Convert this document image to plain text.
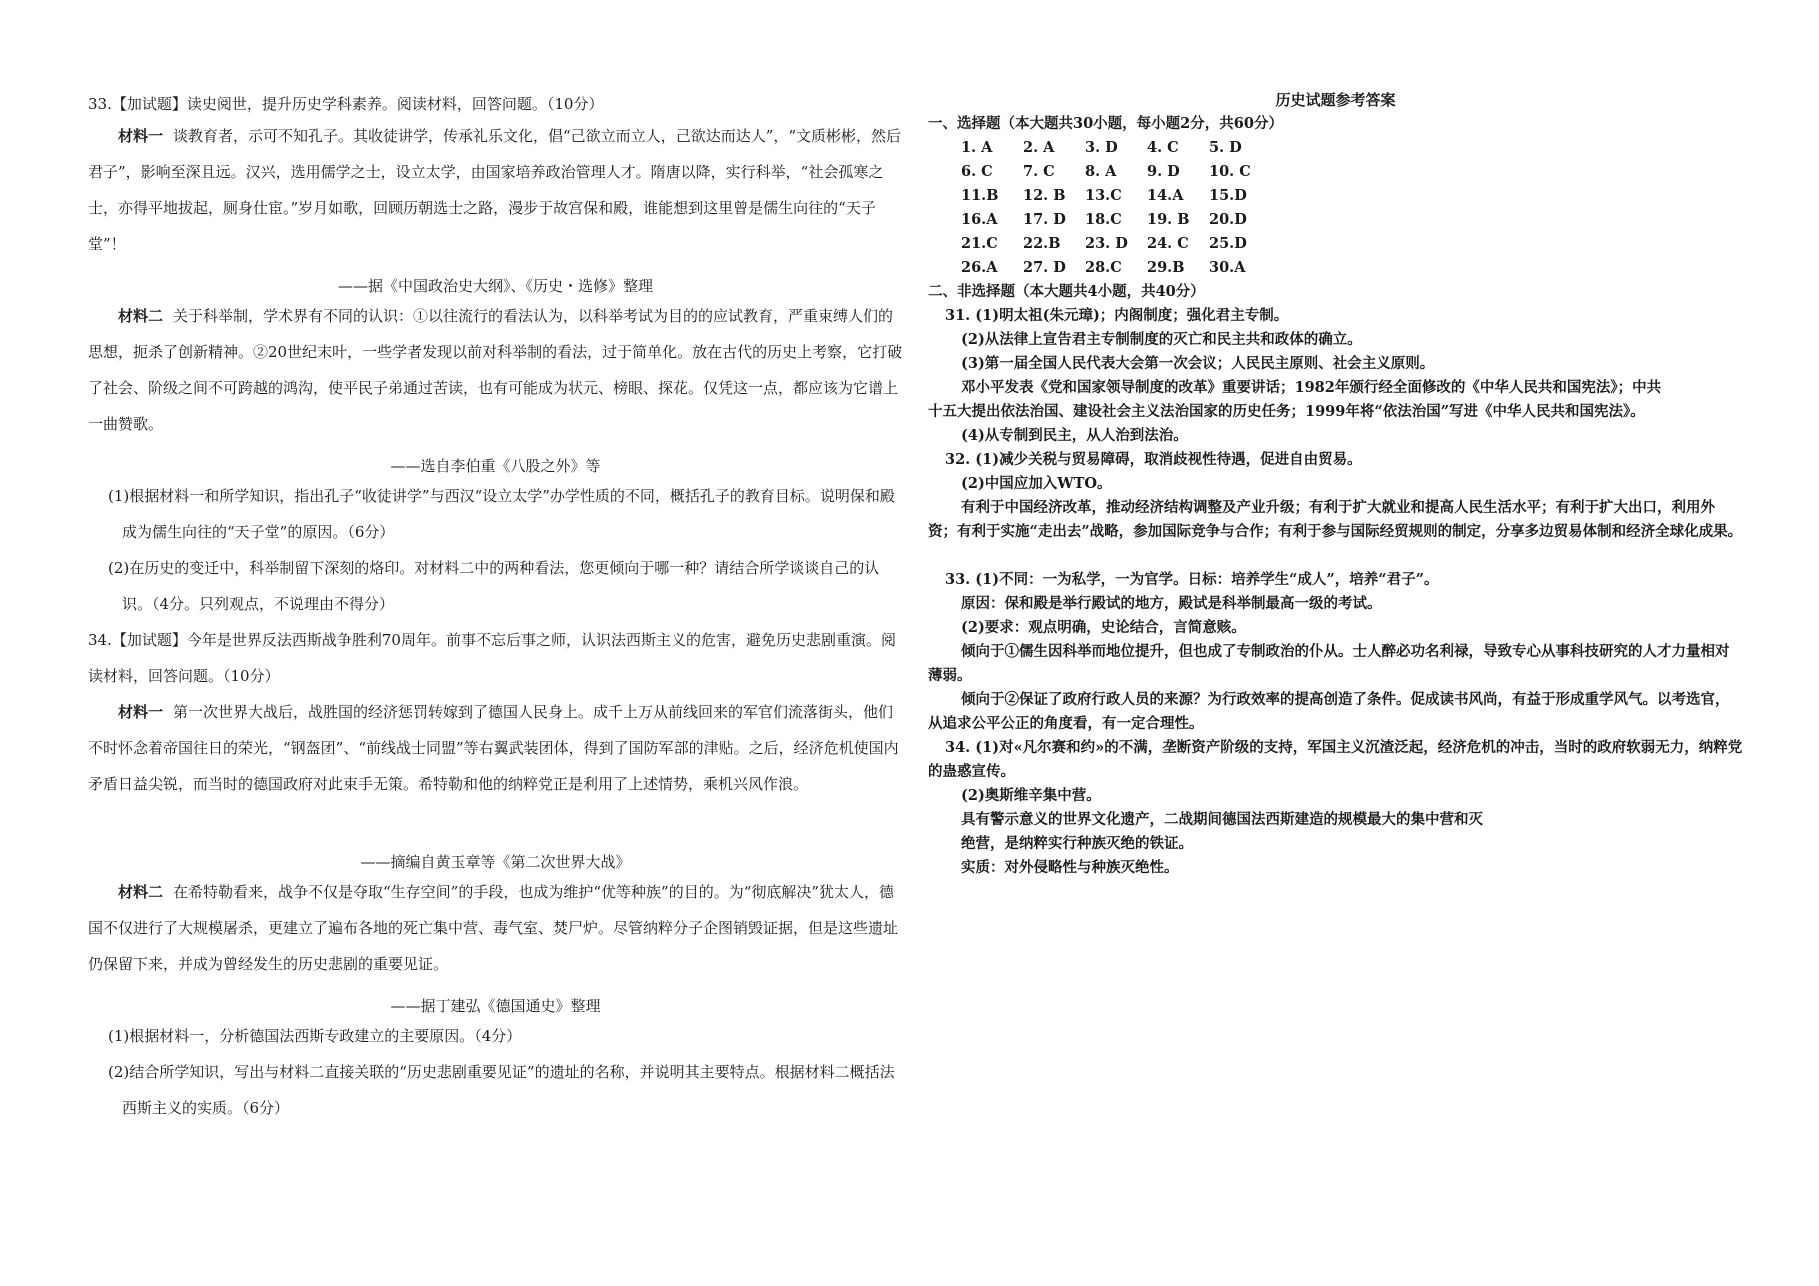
33.【加试题】读史阅世，提升历史学科素养。阅读材料，回答问题。（10分）
材料一 谈教育者，示可不知孔子。其收徒讲学，传承礼乐文化，倡“己欲立而立人，己欲达而达人”，“文质彬彬，然后君子”，影响至深且远。汉兴，选用儒学之士，设立太学，由国家培养政治管理人才。隋唐以降，实行科举，“社会孤寒之士，亦得平地拔起，厕身仕宦。”岁月如歌，回顾历朝选士之路，漫步于故宫保和殿，谁能想到这里曾是儒生向往的“天子堂”！
——据《中国政治史大纲》、《历史・选修》整理
材料二 关于科举制，学术界有不同的认识：①以往流行的看法认为，以科举考试为目的的应试教育，严重束缚人们的思想，扼杀了创新精神。②20世纪末叶，一些学者发现以前对科举制的看法，过于简单化。放在古代的历史上考察，它打破了社会、阶级之间不可跨越的鸿沟，使平民子弟通过苦读，也有可能成为状元、榜眼、探花。仅凭这一点，都应该为它谱上一曲赞歌。
——选自李伯重《八股之外》等
(1)根据材料一和所学知识，指出孔子“收徒讲学”与西汉“设立太学”办学性质的不同，概括孔子的教育目标。说明保和殿成为儒生向往的“天子堂”的原因。（6分）
(2)在历史的变迁中，科举制留下深刻的烙印。对材料二中的两种看法，您更倾向于哪一种？请结合所学谈谈自己的认识。（4分。只列观点，不说理由不得分）
34.【加试题】今年是世界反法西斯战争胜利70周年。前事不忘后事之师，认识法西斯主义的危害，避免历史悲剧重演。阅读材料，回答问题。（10分）
材料一 第一次世界大战后，战胜国的经济惩罚转嫁到了德国人民身上。成千上万从前线回来的军官们流落街头，他们不时怀念着帝国往日的荣光，“钢盔团”、“前线战士同盟”等右翼武装团体，得到了国防军部的津贴。之后，经济危机使国内矛盾日益尖锐，而当时的德国政府对此束手无策。希特勒和他的纳粹党正是利用了上述情势，乘机兴风作浪。
——摘编自黄玉章等《第二次世界大战》
材料二 在希特勒看来，战争不仅是夺取“生存空间”的手段，也成为维护“优等种族”的目的。为“彻底解决”犹太人，德国不仅进行了大规模屠杀，更建立了遍布各地的死亡集中营、毒气室、焚尸炉。尽管纳粹分子企图销毁证据，但是这些遗址仍保留下来，并成为曾经发生的历史悲剧的重要见证。
——据丁建弘《德国通史》整理
(1)根据材料一，分析德国法西斯专政建立的主要原因。（4分）
(2)结合所学知识，写出与材料二直接关联的“历史悲剧重要见证”的遗址的名称，并说明其主要特点。根据材料二概括法西斯主义的实质。（6分）
历史试题参考答案
一、选择题（本大题共30小题，每小题2分，共60分）
1. A 2. A 3. D 4. C 5. D
6. C 7. C 8. A 9. D 10. C
11.B 12. B 13.C 14.A 15.D
16.A 17. D 18.C 19. B 20.D
21.C 22.B 23. D 24. C 25.D
26.A 27. D 28.C 29.B 30.A
二、非选择题（本大题共4小题，共40分）
31. (1)明太祖(朱元璋)；内阁制度；强化君主专制。
(2)从法律上宣告君主专制制度的灭亡和民主共和政体的确立。
(3)第一届全国人民代表大会第一次会议；人民民主原则、社会主义原则。
邓小平发表《党和国家领导制度的改革》重要讲话；1982年颁行经全面修改的《中华人民共和国宪法》；中共
十五大提出依法治国、建设社会主义法治国家的历史任务；1999年将“依法治国”写进《中华人民共和国宪法》。
(4)从专制到民主，从人治到法治。
32. (1)减少关税与贸易障碍，取消歧视性待遇，促进自由贸易。
(2)中国应加入WTO。
有利于中国经济改革，推动经济结构调整及产业升级；有利于扩大就业和提高人民生活水平；有利于扩大出口，利用外资；有利于实施“走出去”战略，参加国际竞争与合作；有利于参与国际经贸规则的制定，分享多边贸易体制和经济全球化成果。
33. (1)不同：一为私学，一为官学。日标：培养学生“成人”，培养“君子”。
原因：保和殿是举行殿试的地方，殿试是科举制最高一级的考试。
(2)要求：观点明确，史论结合，言简意赅。
倾向于①儒生因科举而地位提升，但也成了专制政治的仆从。士人醉必功名利禄，导致专心从事科技研究的人才力量相对薄弱。
倾向于②保证了政府行政人员的来源？为行政效率的提高创造了条件。促成读书风尚，有益于形成重学风气。以考选官，从追求公平公正的角度看，有一定合理性。
34. (1)对«凡尔赛和约»的不满，垄断资产阶级的支持，军国主义沉渣泛起，经济危机的冲击，当时的政府软弱无力，纳粹党的蛊惑宣传。
(2)奥斯维辛集中营。
具有警示意义的世界文化遗产，二战期间德国法西斯建造的规模最大的集中营和灭
绝营，是纳粹实行种族灭绝的铁证。
实质：对外侵略性与种族灭绝性。
